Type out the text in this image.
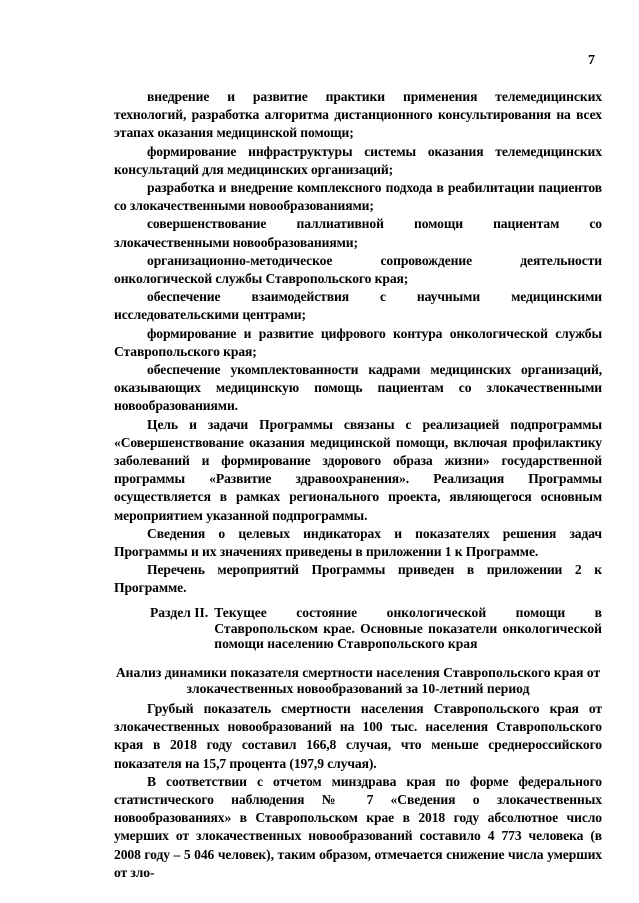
7

внедрение и развитие практики применения телемедицинских технологий, разработка алгоритма дистанционного консультирования на всех этапах оказания медицинской помощи;

формирование инфраструктуры системы оказания телемедицинских консультаций для медицинских организаций;

разработка и внедрение комплексного подхода в реабилитации пациентов со злокачественными новообразованиями;

совершенствование паллиативной помощи пациентам со злокачественными новообразованиями;

организационно-методическое сопровождение деятельности онкологической службы Ставропольского края;

обеспечение взаимодействия с научными медицинскими исследовательскими центрами;

формирование и развитие цифрового контура онкологической службы Ставропольского края;

обеспечение укомплектованности кадрами медицинских организаций, оказывающих медицинскую помощь пациентам со злокачественными новообразованиями.

Цель и задачи Программы связаны с реализацией подпрограммы «Совершенствование оказания медицинской помощи, включая профилактику заболеваний и формирование здорового образа жизни» государственной программы «Развитие здравоохранения». Реализация Программы осуществляется в рамках регионального проекта, являющегося основным мероприятием указанной подпрограммы.

Сведения о целевых индикаторах и показателях решения задач Программы и их значениях приведены в приложении 1 к Программе.

Перечень мероприятий Программы приведен в приложении 2 к Программе.

Раздел II. Текущее состояние онкологической помощи в Ставропольском крае. Основные показатели онкологической помощи населению Ставропольского края
Анализ динамики показателя смертности населения Ставропольского края от злокачественных новообразований за 10-летний период

Грубый показатель смертности населения Ставропольского края от злокачественных новообразований на 100 тыс. населения Ставропольского края в 2018 году составил 166,8 случая, что меньше среднероссийского показателя на 15,7 процента (197,9 случая).

В соответствии с отчетом минздрава края по форме федерального статистического наблюдения № 7 «Сведения о злокачественных новообразованиях» в Ставропольском крае в 2018 году абсолютное число умерших от злокачественных новообразований составило 4 773 человека (в 2008 году – 5 046 человек), таким образом, отмечается снижение числа умерших от зло-
